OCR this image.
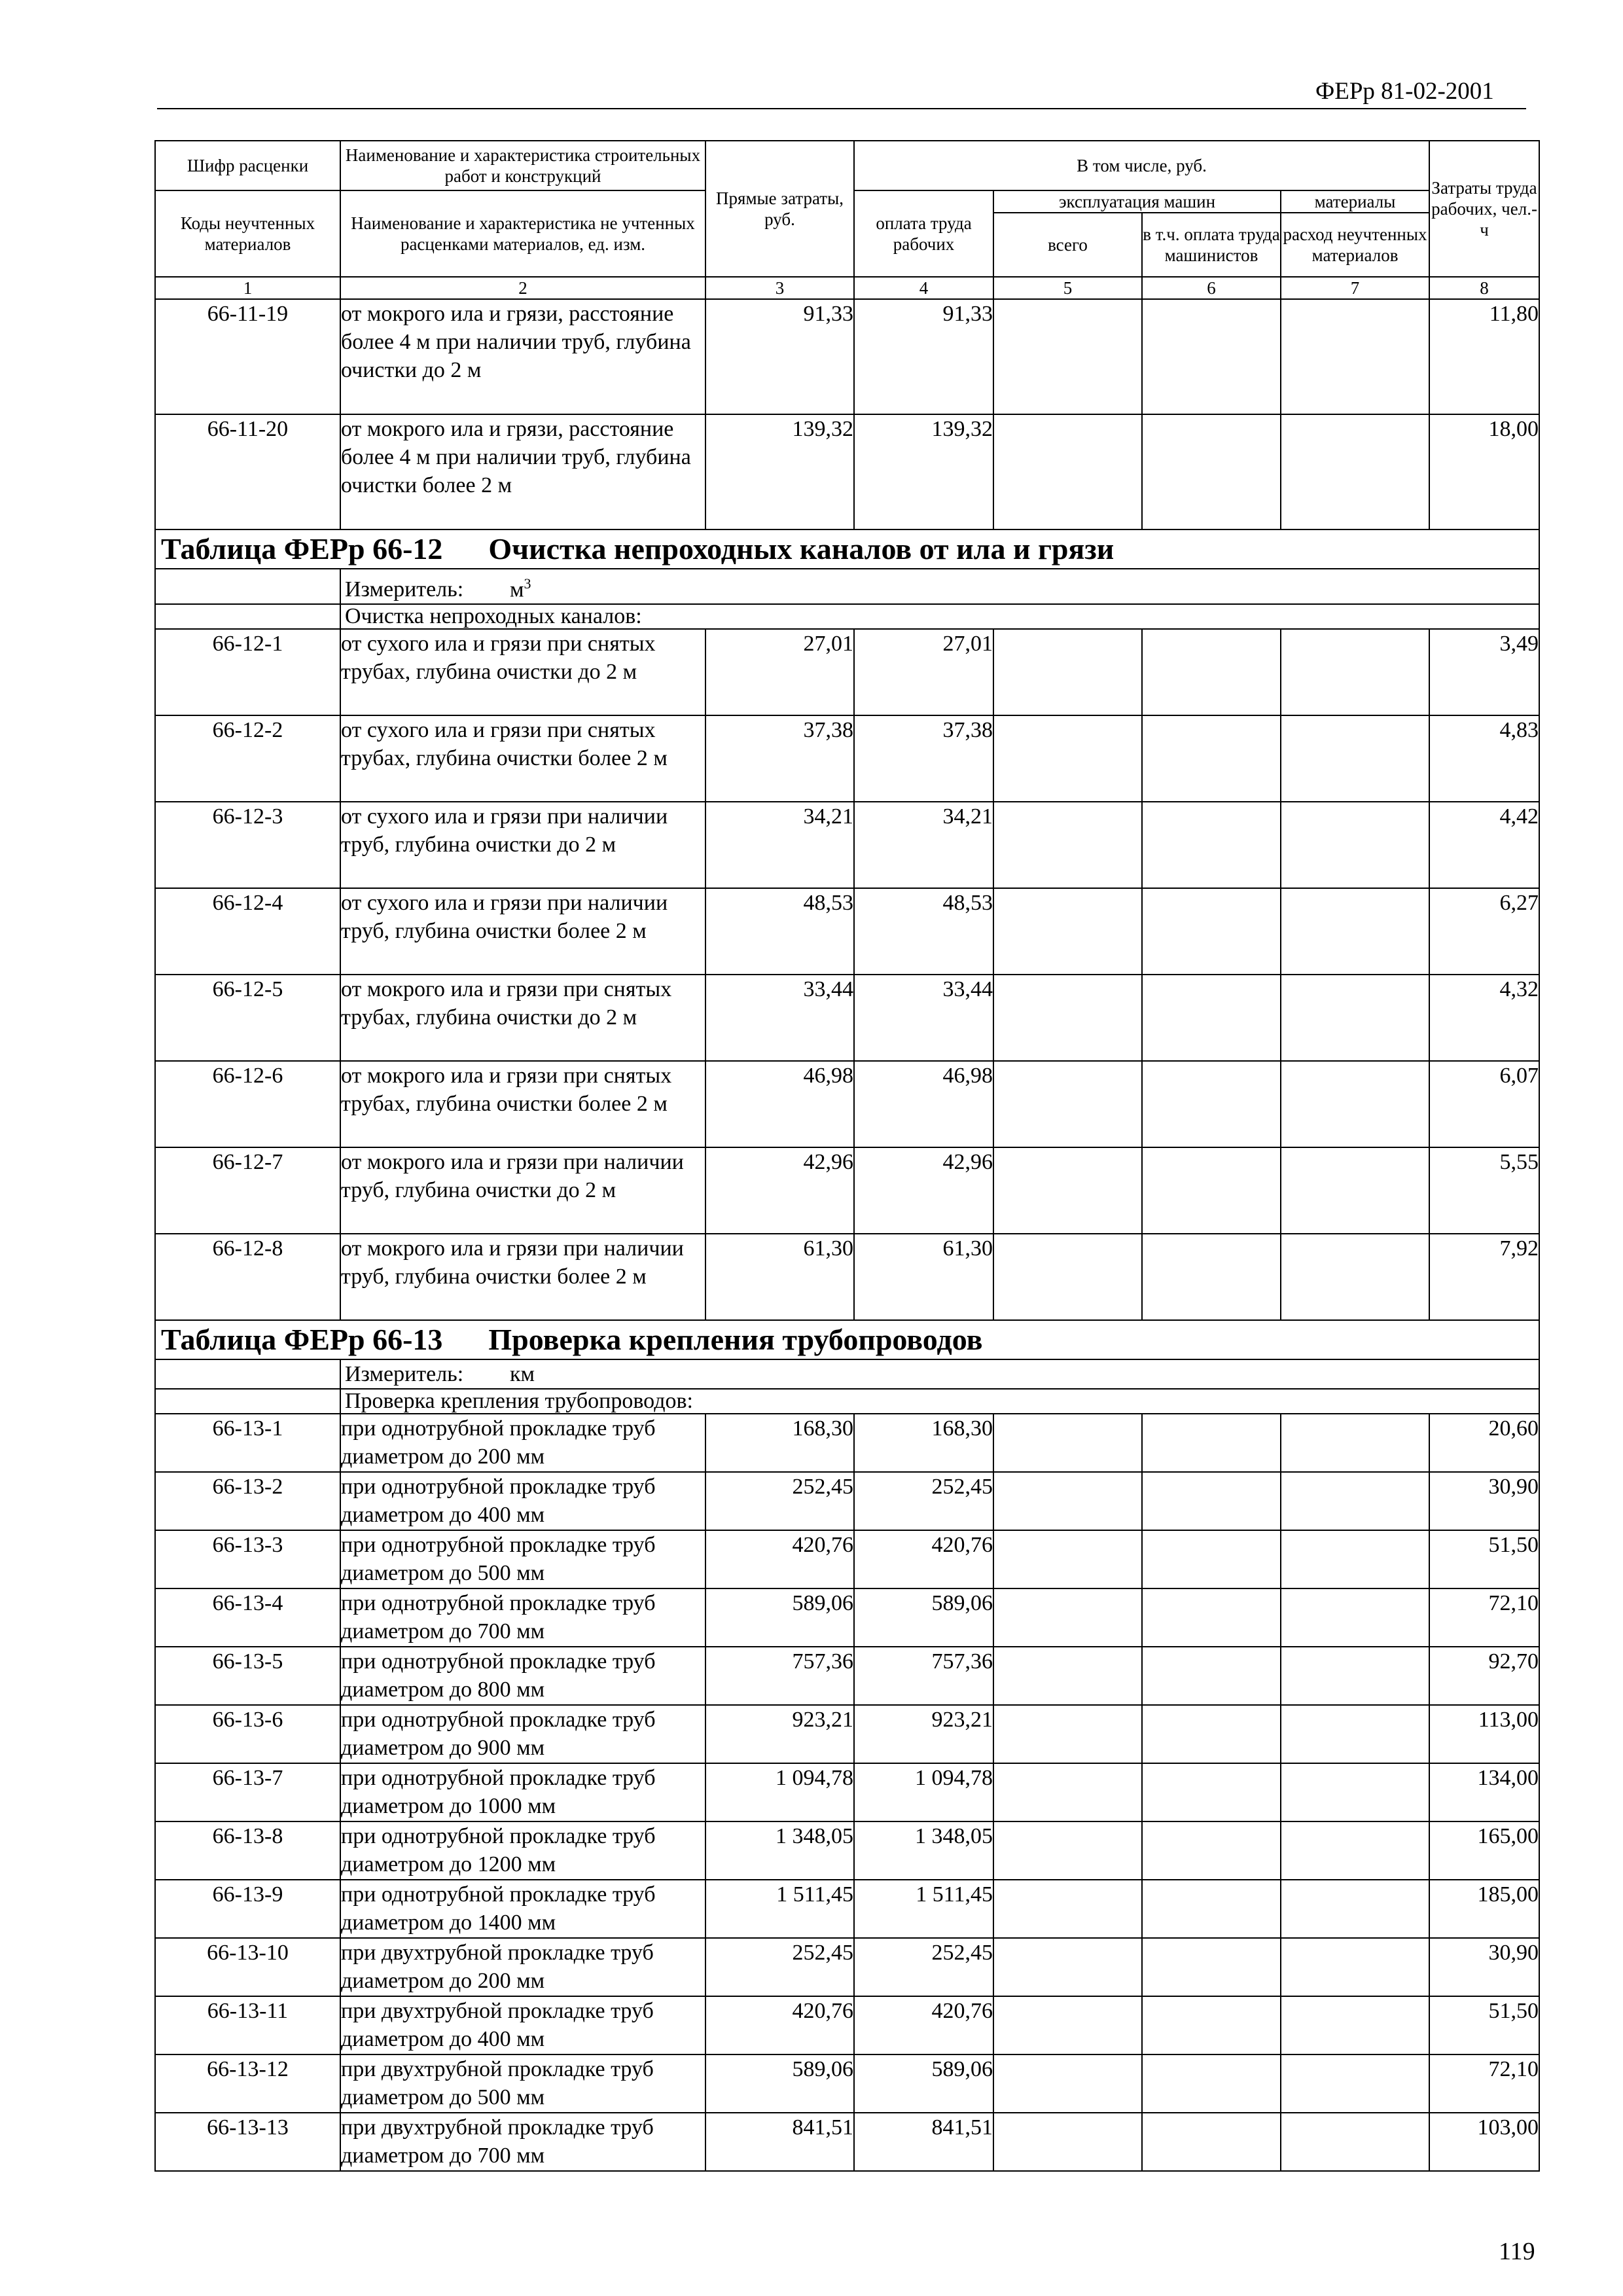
ФЕРр 81-02-2001
Шифр расценки	Наименование и характеристика строительных работ и конструкций	Прямые затраты, руб.	В том числе, руб.				Затраты труда рабочих, чел.-ч

Коды неучтенных материалов	Наименование и характеристика не учтенных расценками материалов, ед. изм.		оплата труда рабочих	эксплуатация машин		материалы	
				всего	в т.ч. оплата труда машинистов	расход неучтенных материалов	
1	2	3	4	5	6	7	8
66-11-19	от мокрого ила и грязи, расстояние более 4 м при наличии труб, глубина очистки до 2 м	91,33	91,33				11,80
66-11-20	от мокрого ила и грязи, расстояние более 4 м при наличии труб, глубина очистки более 2 м	139,32	139,32				18,00
Таблица ФЕРр 66-12 Очистка непроходных каналов от ила и грязи							
	Измеритель: $м^3$
	Очистка непроходных каналов:						
66-12-1	от сухого ила и грязи при снятых трубах, глубина очистки до 2 м	27,01	27,01				3,49
66-12-2	от сухого ила и грязи при снятых трубах, глубина очистки более 2 м	37,38	37,38				4,83
66-12-3	от сухого ила и грязи при наличии труб, глубина очистки до 2 м	34,21	34,21				4,42
66-12-4	от сухого ила и грязи при наличии труб, глубина очистки более 2 м	48,53	48,53				6,27
66-12-5	от мокрого ила и грязи при снятых трубах, глубина очистки до 2 м	33,44	33,44				4,32
66-12-6	от мокрого ила и грязи при снятых трубах, глубина очистки более 2 м	46,98	46,98				6,07
66-12-7	от мокрого ила и грязи при наличии труб, глубина очистки до 2 м	42,96	42,96				5,55
66-12-8	от мокрого ила и грязи при наличии труб, глубина очистки более 2 м	61,30	61,30				7,92
Таблица ФЕРр 66-13 Проверка крепления трубопроводов							
	Измеритель: км						
	Проверка крепления трубопроводов:						
66-13-1	при однотрубной прокладке труб диаметром до 200 мм	168,30	168,30				20,60
66-13-2	при однотрубной прокладке труб диаметром до 400 мм	252,45	252,45				30,90
66-13-3	при однотрубной прокладке труб диаметром до 500 мм	420,76	420,76				51,50
66-13-4	при однотрубной прокладке труб диаметром до 700 мм	589,06	589,06				72,10
66-13-5	при однотрубной прокладке труб диаметром до 800 мм	757,36	757,36				92,70
66-13-6	при однотрубной прокладке труб диаметром до 900 мм	923,21	923,21				113,00
66-13-7	при однотрубной прокладке труб диаметром до 1000 мм	1 094,78	1 094,78				134,00
66-13-8	при однотрубной прокладке труб диаметром до 1200 мм	1 348,05	1 348,05				165,00
66-13-9	при однотрубной прокладке труб диаметром до 1400 мм	1 511,45	1 511,45				185,00
66-13-10	при двухтрубной прокладке труб диаметром до 200 мм	252,45	252,45				30,90
66-13-11	при двухтрубной прокладке труб диаметром до 400 мм	420,76	420,76				51,50
66-13-12	при двухтрубной прокладке труб диаметром до 500 мм	589,06	589,06				72,10
66-13-13	при двухтрубной прокладке труб диаметром до 700 мм	841,51	841,51				103,00
119
